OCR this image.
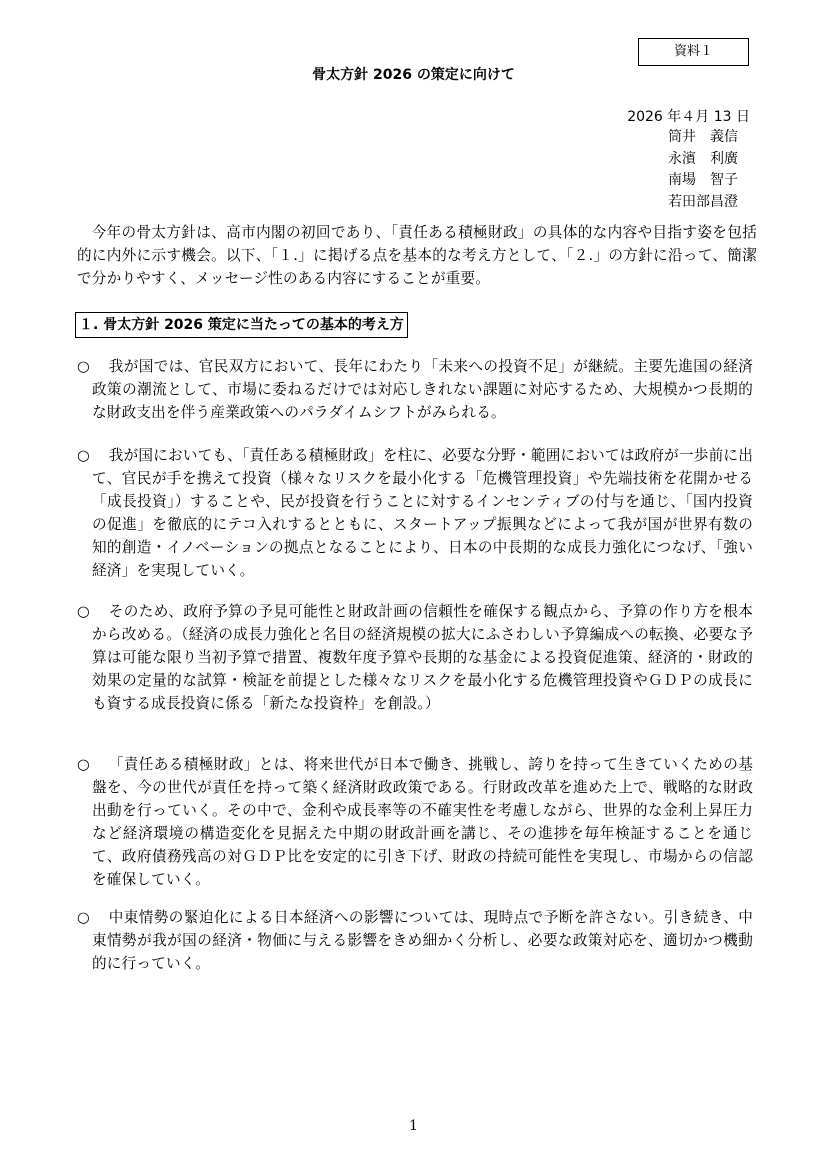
資料１
骨太方針 2026 の策定に向けて
2026 年４月 13 日
筒井　義信
永濱　利廣
南場　智子
若田部昌澄
今年の骨太方針は、高市内閣の初回であり、「責任ある積極財政」の具体的な内容や目指す姿を包括的に内外に示す機会。以下、「１.」に掲げる点を基本的な考え方として、「２.」の方針に沿って、簡潔で分かりやすく、メッセージ性のある内容にすることが重要。
１. 骨太方針 2026 策定に当たっての基本的考え方
○	我が国では、官民双方において、長年にわたり「未来への投資不足」が継続。主要先進国の経済政策の潮流として、市場に委ねるだけでは対応しきれない課題に対応するため、大規模かつ長期的な財政支出を伴う産業政策へのパラダイムシフトがみられる。
○	我が国においても、「責任ある積極財政」を柱に、必要な分野・範囲においては政府が一歩前に出て、官民が手を携えて投資（様々なリスクを最小化する「危機管理投資」や先端技術を花開かせる「成長投資」）することや、民が投資を行うことに対するインセンティブの付与を通じ、「国内投資の促進」を徹底的にテコ入れするとともに、スタートアップ振興などによって我が国が世界有数の知的創造・イノベーションの拠点となることにより、日本の中長期的な成長力強化につなげ、「強い経済」を実現していく。
○	そのため、政府予算の予見可能性と財政計画の信頼性を確保する観点から、予算の作り方を根本から改める。（経済の成長力強化と名目の経済規模の拡大にふさわしい予算編成への転換、必要な予算は可能な限り当初予算で措置、複数年度予算や長期的な基金による投資促進策、経済的・財政的効果の定量的な試算・検証を前提とした様々なリスクを最小化する危機管理投資やＧＤＰの成長にも資する成長投資に係る「新たな投資枠」を創設。）
○	「責任ある積極財政」とは、将来世代が日本で働き、挑戦し、誇りを持って生きていくための基盤を、今の世代が責任を持って築く経済財政政策である。行財政改革を進めた上で、戦略的な財政出動を行っていく。その中で、金利や成長率等の不確実性を考慮しながら、世界的な金利上昇圧力など経済環境の構造変化を見据えた中期の財政計画を講じ、その進捗を毎年検証することを通じて、政府債務残高の対ＧＤＰ比を安定的に引き下げ、財政の持続可能性を実現し、市場からの信認を確保していく。
○	中東情勢の緊迫化による日本経済への影響については、現時点で予断を許さない。引き続き、中東情勢が我が国の経済・物価に与える影響をきめ細かく分析し、必要な政策対応を、適切かつ機動的に行っていく。
1
